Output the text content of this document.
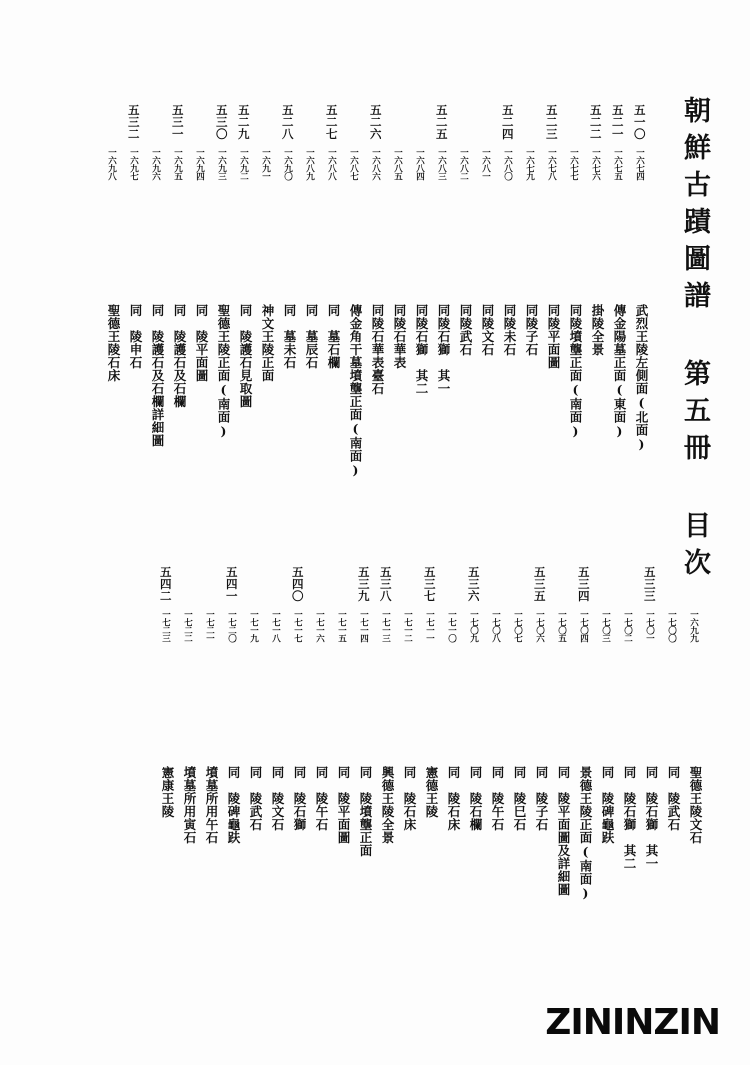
朝鮮古蹟圖譜 第五冊 目次
五一〇
一六七四
武烈王陵左側面(北面)
五二一
一六七五
傳金陽墓正面(東面)
五二二
一六七六
掛陵全景
一六七七
同陵墳壟正面(南面)
五二三
一六七八
同陵平面圖
一六七九
同陵子石
五二四
一六八〇
同陵未石
一六八一
同陵文石
一六八二
同陵武石
五二五
一六八三
同陵石獅　其一
一六八四
同陵石獅　其二
一六八五
同陵石華表
五二六
一六八六
同陵石華表臺石
一六八七
傳金角干墓墳壟正面(南面)
五二七
一六八八
同　墓石欄
一六八九
同　墓辰石
五二八
一六九〇
同　墓未石
一六九一
神文王陵正面
五二九
一六九二
同　陵護石見取圖
五三〇
一六九三
聖德王陵正面(南面)
一六九四
同　陵平面圖
五三一
一六九五
同　陵護石及石欄
一六九六
同　陵護石及石欄詳細圖
五三二
一六九七
同　陵申石
一六九八
聖德王陵石床
一六九九
聖德王陵文石
一七〇〇
同　陵武石
五三三
一七〇一
同　陵石獅　其一
一七〇二
同　陵石獅　其二
一七〇三
同　陵碑龜趺
五三四
一七〇四
景德王陵正面(南面)
一七〇五
同　陵平面圖及詳細圖
五三五
一七〇六
同　陵子石
一七〇七
同　陵巳石
一七〇八
同　陵午石
五三六
一七〇九
同　陵石欄
一七一〇
同　陵石床
五三七
一七一一
憲德王陵
一七一二
同　陵石床
五三八
一七一三
興德王陵全景
五三九
一七一四
同　陵墳壟正面
一七一五
同　陵平面圖
一七一六
同　陵午石
五四〇
一七一七
同　陵石獅
一七一八
同　陵文石
一七一九
同　陵武石
五四一
一七二〇
同　陵碑龜趺
一七二一
墳墓所用午石
一七二二
墳墓所用寅石
五四二
一七二三
憲康王陵
ZININZIN
